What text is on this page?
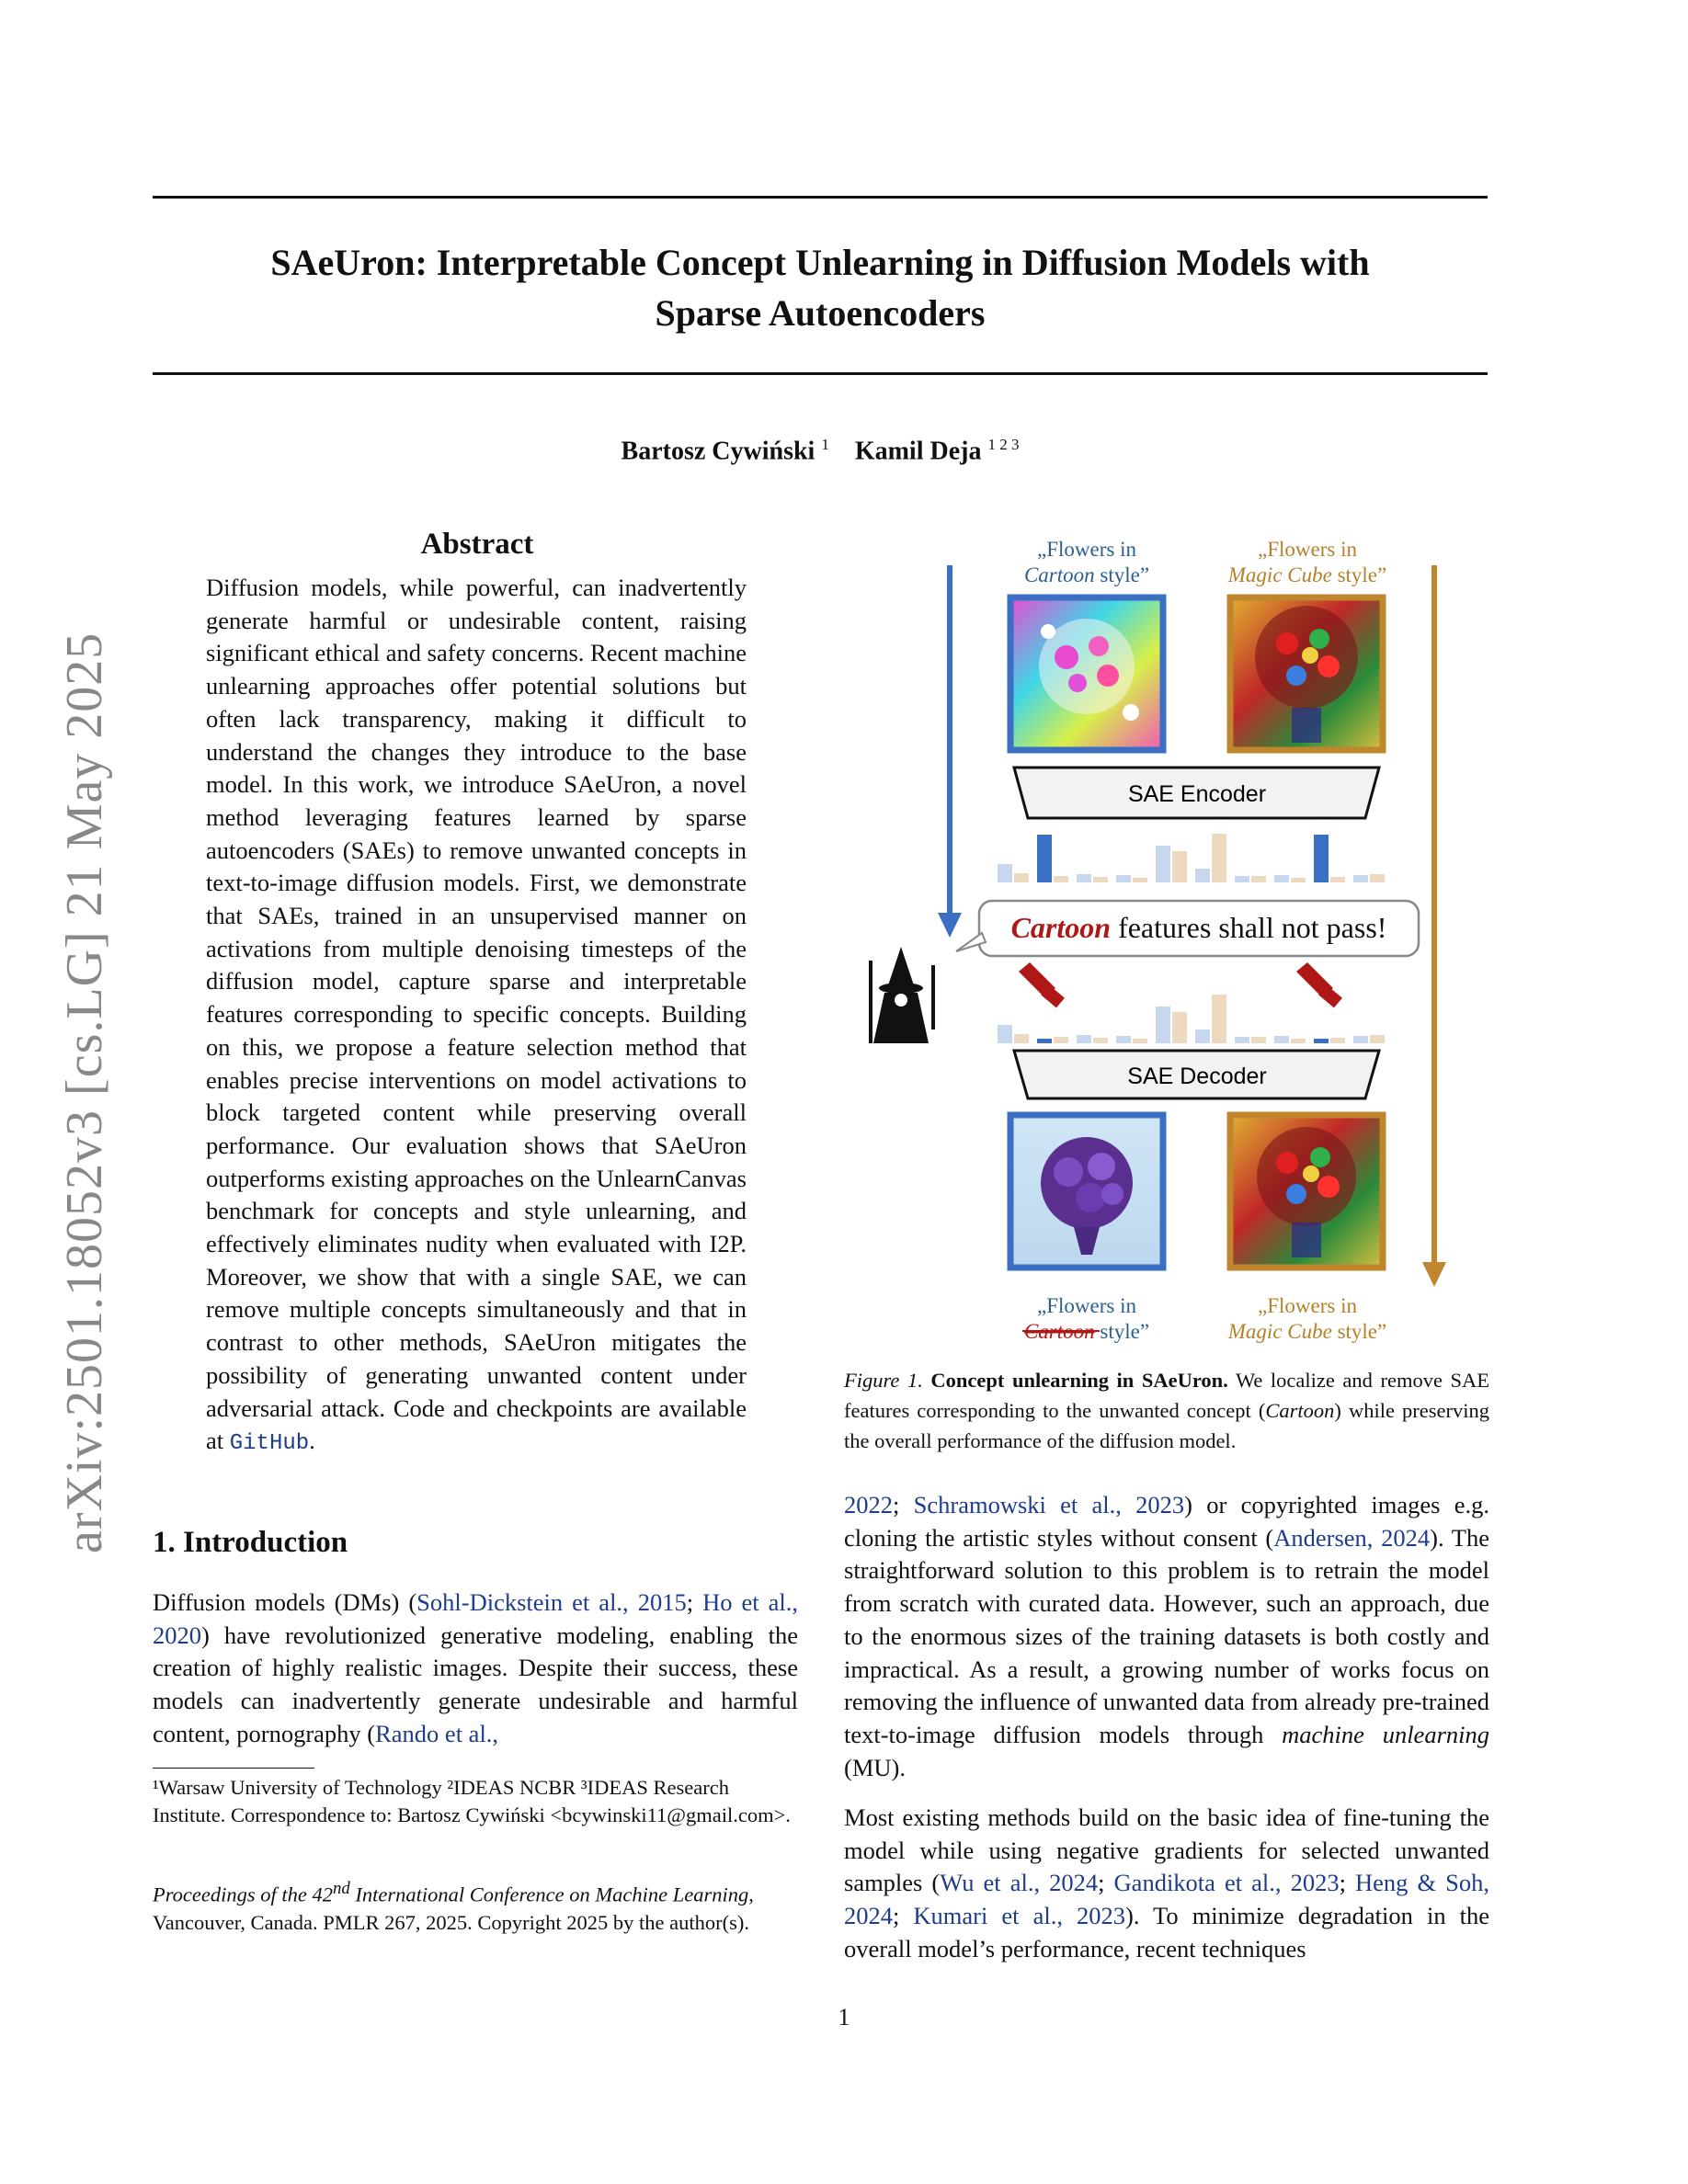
SAeUron: Interpretable Concept Unlearning in Diffusion Models with
Sparse Autoencoders
Bartosz Cywiński $^1$ Kamil Deja $^{1 2 3}$
arXiv:2501.18052v3 [cs.LG] 21 May 2025
Abstract
Diffusion models, while powerful, can inadvertently generate harmful or undesirable content, raising significant ethical and safety concerns. Recent machine unlearning approaches offer potential solutions but often lack transparency, making it difficult to understand the changes they introduce to the base model. In this work, we introduce SAeUron, a novel method leveraging features learned by sparse autoencoders (SAEs) to remove unwanted concepts in text-to-image diffusion models. First, we demonstrate that SAEs, trained in an unsupervised manner on activations from multiple denoising timesteps of the diffusion model, capture sparse and interpretable features corresponding to specific concepts. Building on this, we propose a feature selection method that enables precise interventions on model activations to block targeted content while preserving overall performance. Our evaluation shows that SAeUron outperforms existing approaches on the UnlearnCanvas benchmark for concepts and style unlearning, and effectively eliminates nudity when evaluated with I2P. Moreover, we show that with a single SAE, we can remove multiple concepts simultaneously and that in contrast to other methods, SAeUron mitigates the possibility of generating unwanted content under adversarial attack. Code and checkpoints are available at GitHub.
1. Introduction
Diffusion models (DMs) (Sohl-Dickstein et al., 2015; Ho et al., 2020) have revolutionized generative modeling, enabling the creation of highly realistic images. Despite their success, these models can inadvertently generate undesirable and harmful content, pornography (Rando et al.,
¹Warsaw University of Technology ²IDEAS NCBR ³IDEAS Research Institute. Correspondence to: Bartosz Cywiński <bcywinski11@gmail.com>.
Proceedings of the 42nd International Conference on Machine Learning, Vancouver, Canada. PMLR 267, 2025. Copyright 2025 by the author(s).
„Flowers in
Cartoon style”
„Flowers in
Magic Cube style”
SAE Encoder
Cartoon features shall not pass!
SAE Decoder
„Flowers in
Cartoon style”
„Flowers in
Magic Cube style”
Figure 1. Concept unlearning in SAeUron. We localize and remove SAE features corresponding to the unwanted concept (Cartoon) while preserving the overall performance of the diffusion model.
2022; Schramowski et al., 2023) or copyrighted images e.g. cloning the artistic styles without consent (Andersen, 2024). The straightforward solution to this problem is to retrain the model from scratch with curated data. However, such an approach, due to the enormous sizes of the training datasets is both costly and impractical. As a result, a growing number of works focus on removing the influence of unwanted data from already pre-trained text-to-image diffusion models through machine unlearning (MU).
Most existing methods build on the basic idea of fine-tuning the model while using negative gradients for selected unwanted samples (Wu et al., 2024; Gandikota et al., 2023; Heng & Soh, 2024; Kumari et al., 2023). To minimize degradation in the overall model’s performance, recent techniques
1
